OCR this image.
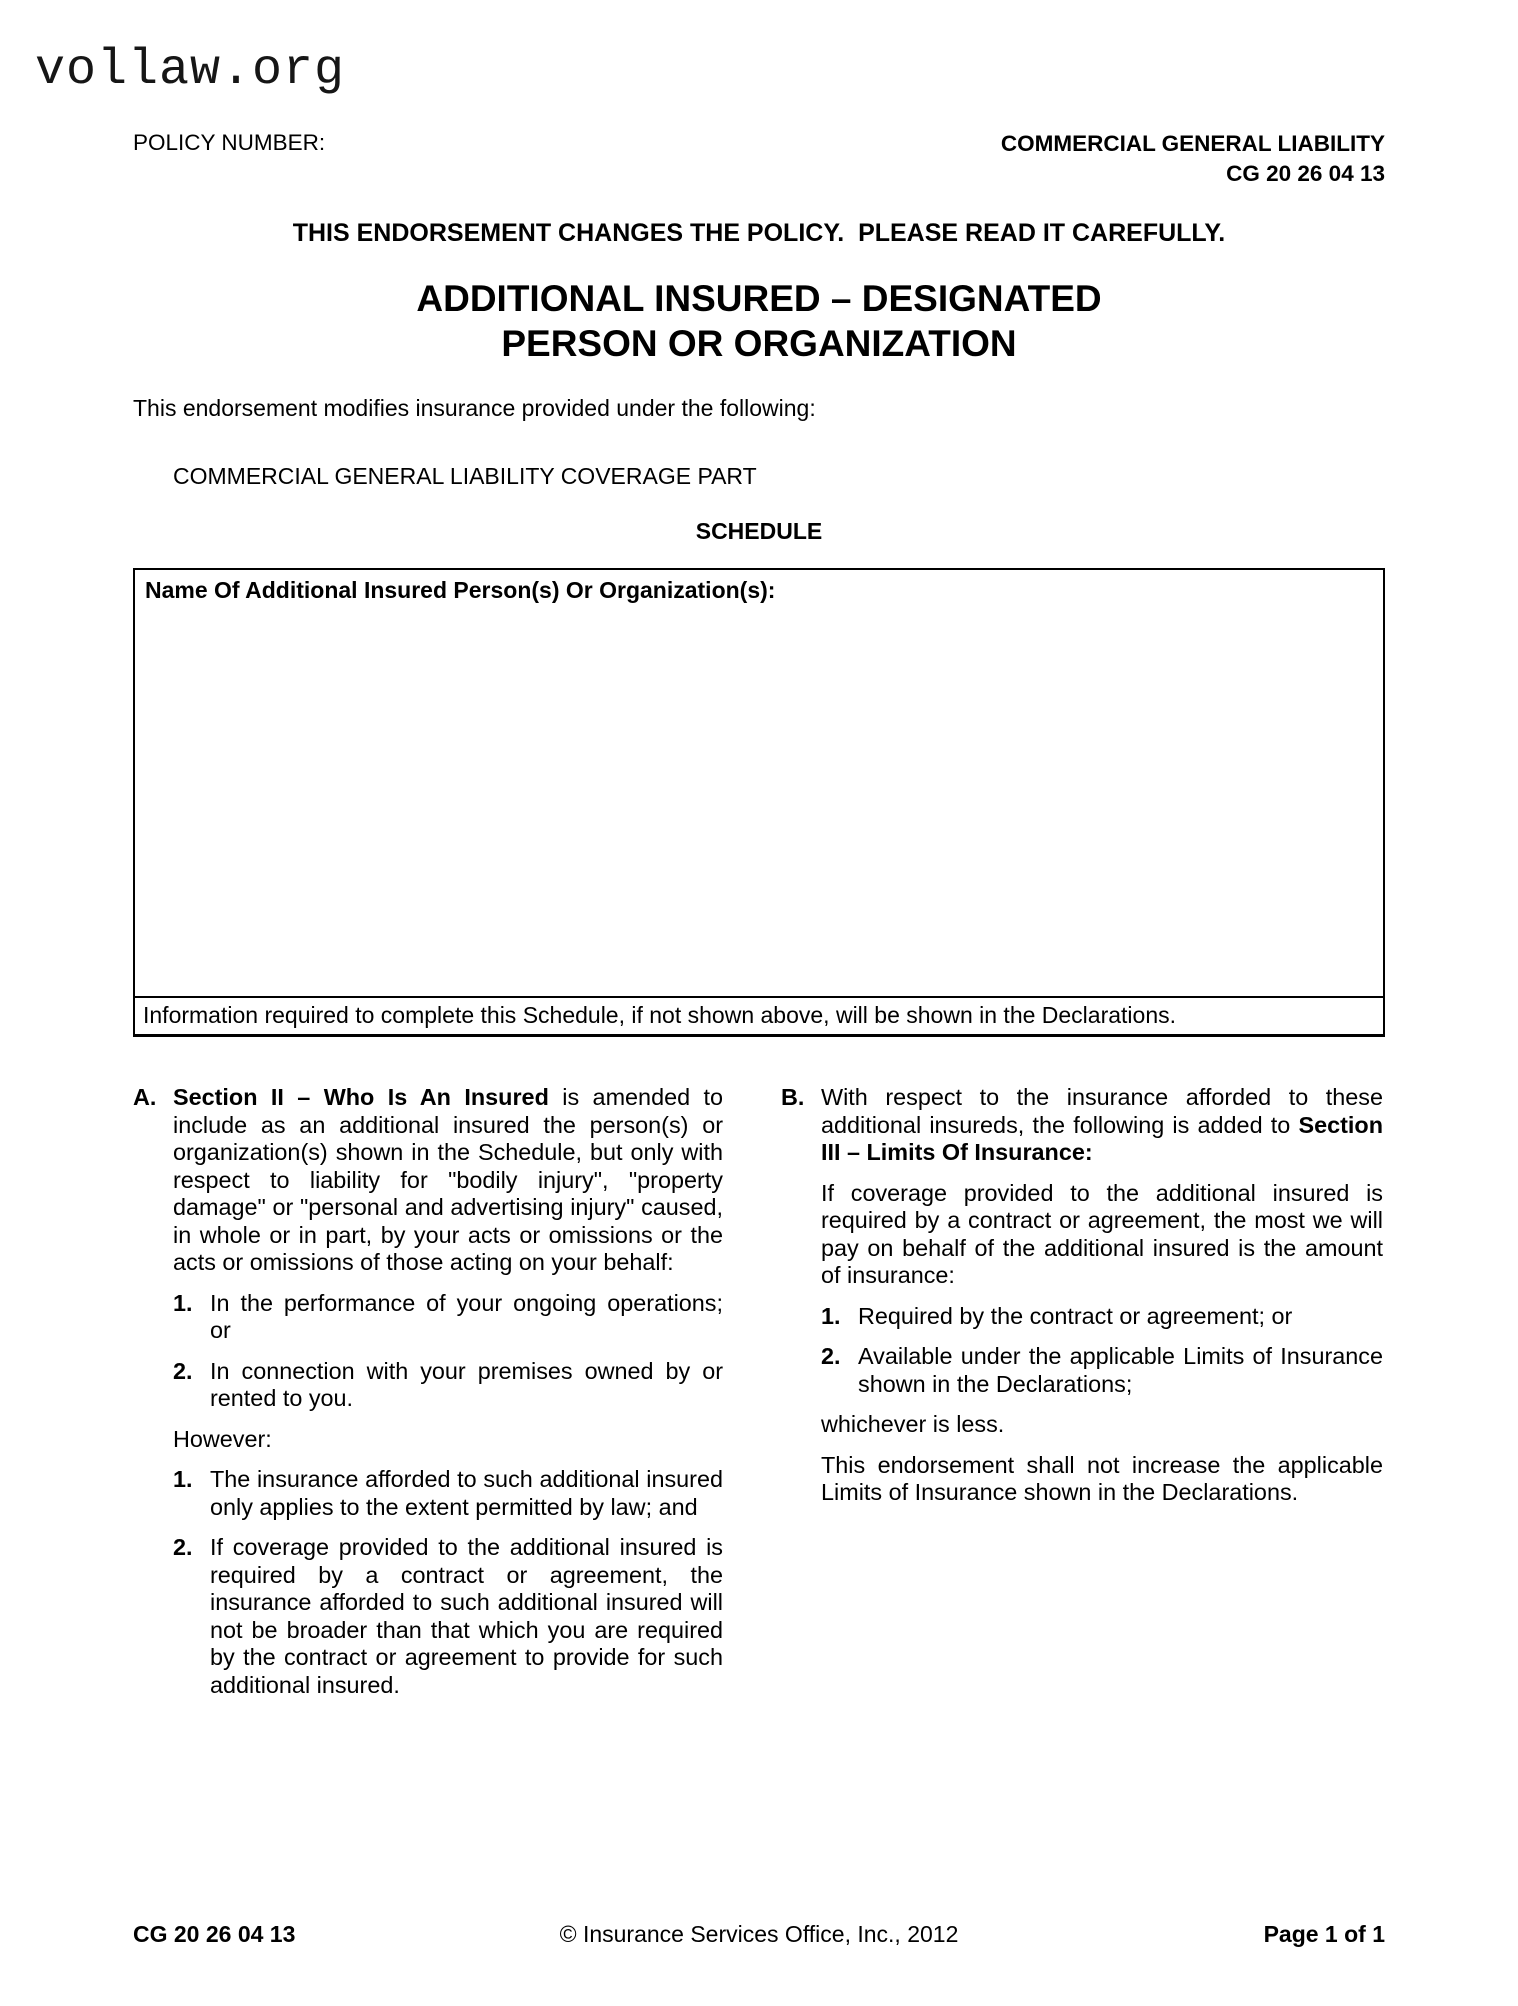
vollaw.org
POLICY NUMBER:	COMMERCIAL GENERAL LIABILITY
CG 20 26 04 13
THIS ENDORSEMENT CHANGES THE POLICY.  PLEASE READ IT CAREFULLY.
ADDITIONAL INSURED – DESIGNATED
PERSON OR ORGANIZATION

This endorsement modifies insurance provided under the following:

COMMERCIAL GENERAL LIABILITY COVERAGE PART

SCHEDULE
Name Of Additional Insured Person(s) Or Organization(s):
Information required to complete this Schedule, if not shown above, will be shown in the Declarations.
A. Section II – Who Is An Insured is amended to include as an additional insured the person(s) or organization(s) shown in the Schedule, but only with respect to liability for "bodily injury", "property damage" or "personal and advertising injury" caused, in whole or in part, by your acts or omissions or the acts or omissions of those acting on your behalf:

1. In the performance of your ongoing operations; or

2. In connection with your premises owned by or rented to you.

However:

1. The insurance afforded to such additional insured only applies to the extent permitted by law; and

2. If coverage provided to the additional insured is required by a contract or agreement, the insurance afforded to such additional insured will not be broader than that which you are required by the contract or agreement to provide for such additional insured.

B. With respect to the insurance afforded to these additional insureds, the following is added to Section III – Limits Of Insurance:

If coverage provided to the additional insured is required by a contract or agreement, the most we will pay on behalf of the additional insured is the amount of insurance:

1. Required by the contract or agreement; or

2. Available under the applicable Limits of Insurance shown in the Declarations;

whichever is less.

This endorsement shall not increase the applicable Limits of Insurance shown in the Declarations.

CG 20 26 04 13	© Insurance Services Office, Inc., 2012	Page 1 of 1
